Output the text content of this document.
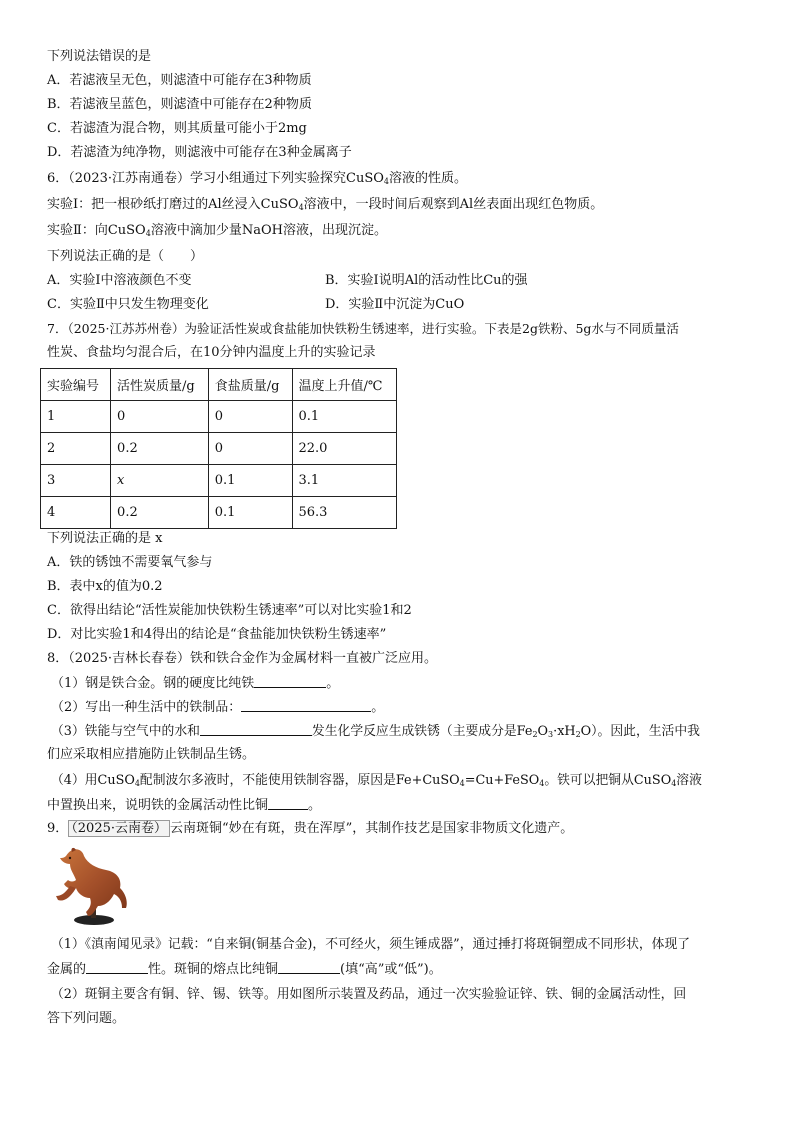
下列说法错误的是
A．若滤液呈无色，则滤渣中可能存在3种物质
B．若滤液呈蓝色，则滤渣中可能存在2种物质
C．若滤渣为混合物，则其质量可能小于2mg
D．若滤渣为纯净物，则滤液中可能存在3种金属离子
6．（2023·江苏南通卷）学习小组通过下列实验探究CuSO$_4$溶液的性质。
实验Ⅰ：把一根砂纸打磨过的Al丝浸入CuSO$_4$溶液中，一段时间后观察到Al丝表面出现红色物质。
实验Ⅱ：向CuSO$_4$溶液中滴加少量NaOH溶液，出现沉淀。
下列说法正确的是（　　）
A．实验Ⅰ中溶液颜色不变	B．实验Ⅰ说明Al的活动性比Cu的强
C．实验Ⅱ中只发生物理变化	D．实验Ⅱ中沉淀为CuO
7．（2025·江苏苏州卷）为验证活性炭或食盐能加快铁粉生锈速率，进行实验。下表是2g铁粉、5g水与不同质量活
性炭、食盐均匀混合后，在10分钟内温度上升的实验记录
实验编号	活性炭质量/g	食盐质量/g	温度上升值/℃
1	0	0	0.1
2	0.2	0	22.0
3	x	0.1	3.1
4	0.2	0.1	56.3
下列说法正确的是 x
A．铁的锈蚀不需要氧气参与
B．表中x的值为0.2
C．欲得出结论“活性炭能加快铁粉生锈速率”可以对比实验1和2
D．对比实验1和4得出的结论是“食盐能加快铁粉生锈速率”
8．（2025·吉林长春卷）铁和铁合金作为金属材料一直被广泛应用。
（1）钢是铁合金。钢的硬度比纯铁	。
（2）写出一种生活中的铁制品：	。
（3）铁能与空气中的水和	发生化学反应生成铁锈（主要成分是$Fe_2O_3\cdot xH_2O$）。因此，生活中我
们应采取相应措施防止铁制品生锈。
（4）用CuSO$_4$配制波尔多液时，不能使用铁制容器，原因是Fe+CuSO$_4$=Cu+FeSO$_4$。铁可以把铜从CuSO$_4$溶液
中置换出来，说明铁的金属活动性比铜	。
9． （2025·云南卷） 云南斑铜“妙在有斑，贵在浑厚”，其制作技艺是国家非物质文化遗产。
（1）《滇南闻见录》记载：“自来铜(铜基合金)，不可经火，须生锤成器”，通过捶打将斑铜塑成不同形状，体现了
金属的	性。斑铜的熔点比纯铜	(填“高”或“低”)。
（2）斑铜主要含有铜、锌、锡、铁等。用如图所示装置及药品，通过一次实验验证锌、铁、铜的金属活动性，回
答下列问题。
